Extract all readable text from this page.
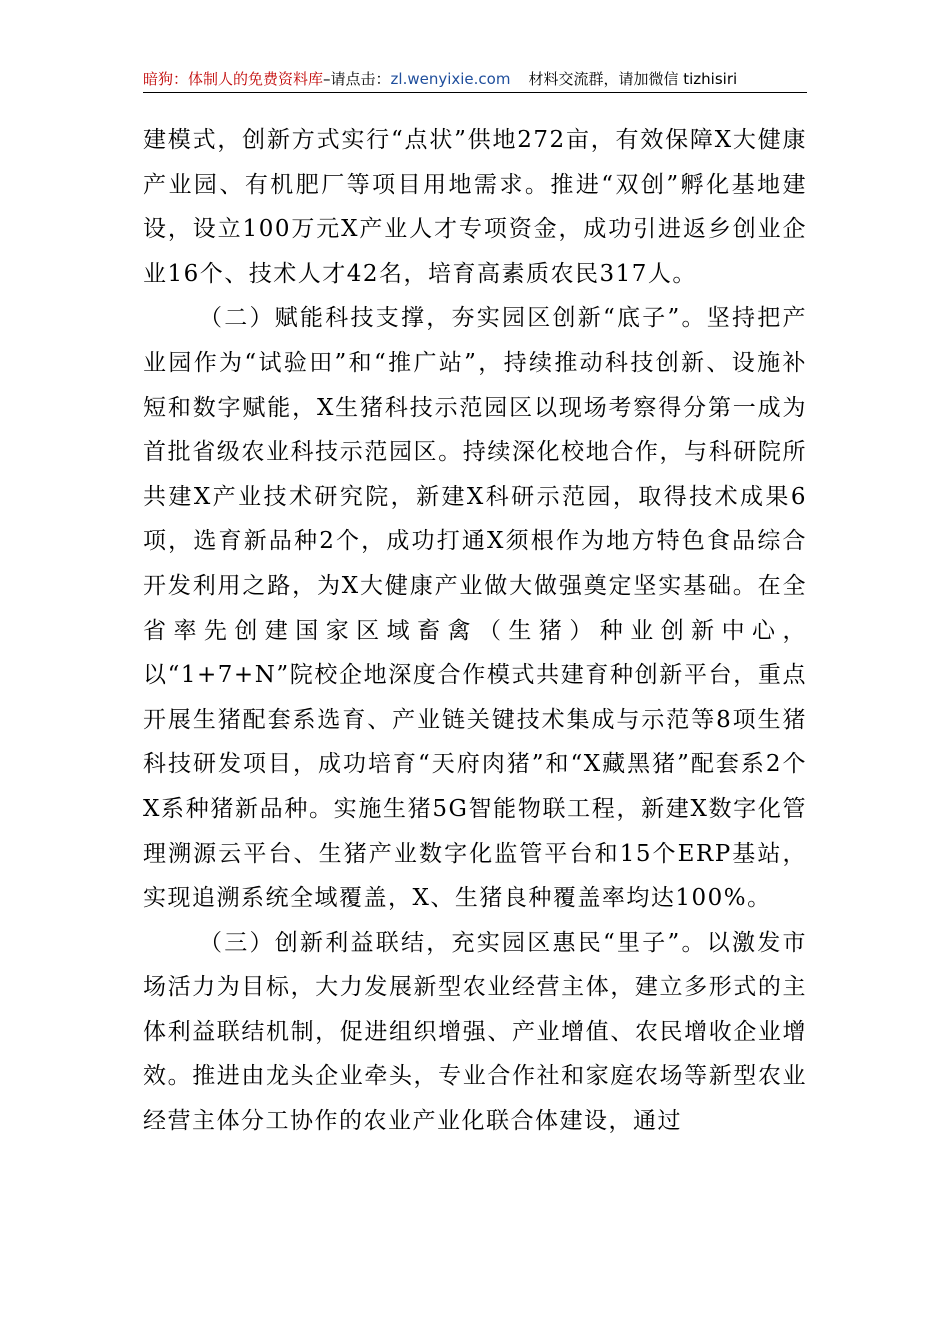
暗狗：体制人的免费资料库–请点击：zl.wenyixie.com 材料交流群，请加微信 tizhisiri

建模式，创新方式实行“点状”供地272亩，有效保障X大健康产业园、有机肥厂等项目用地需求。推进“双创”孵化基地建设，设立100万元X产业人才专项资金，成功引进返乡创业企业16个、技术人才42名，培育高素质农民317人。

（二）赋能科技支撑，夯实园区创新“底子”。坚持把产业园作为“试验田”和“推广站”，持续推动科技创新、设施补短和数字赋能，X生猪科技示范园区以现场考察得分第一成为首批省级农业科技示范园区。持续深化校地合作，与科研院所共建X产业技术研究院，新建X科研示范园，取得技术成果6项，选育新品种2个，成功打通X须根作为地方特色食品综合开发利用之路，为X大健康产业做大做强奠定坚实基础。在全省率先创建国家区域畜禽（生猪）种业创新中心，以“1+7+N”院校企地深度合作模式共建育种创新平台，重点开展生猪配套系选育、产业链关键技术集成与示范等8项生猪科技研发项目，成功培育“天府肉猪”和“X藏黑猪”配套系2个X系种猪新品种。实施生猪5G智能物联工程，新建X数字化管理溯源云平台、生猪产业数字化监管平台和15个ERP基站，实现追溯系统全域覆盖，X、生猪良种覆盖率均达100%。

（三）创新利益联结，充实园区惠民“里子”。以激发市场活力为目标，大力发展新型农业经营主体，建立多形式的主体利益联结机制，促进组织增强、产业增值、农民增收企业增效。推进由龙头企业牵头，专业合作社和家庭农场等新型农业经营主体分工协作的农业产业化联合体建设，通过
